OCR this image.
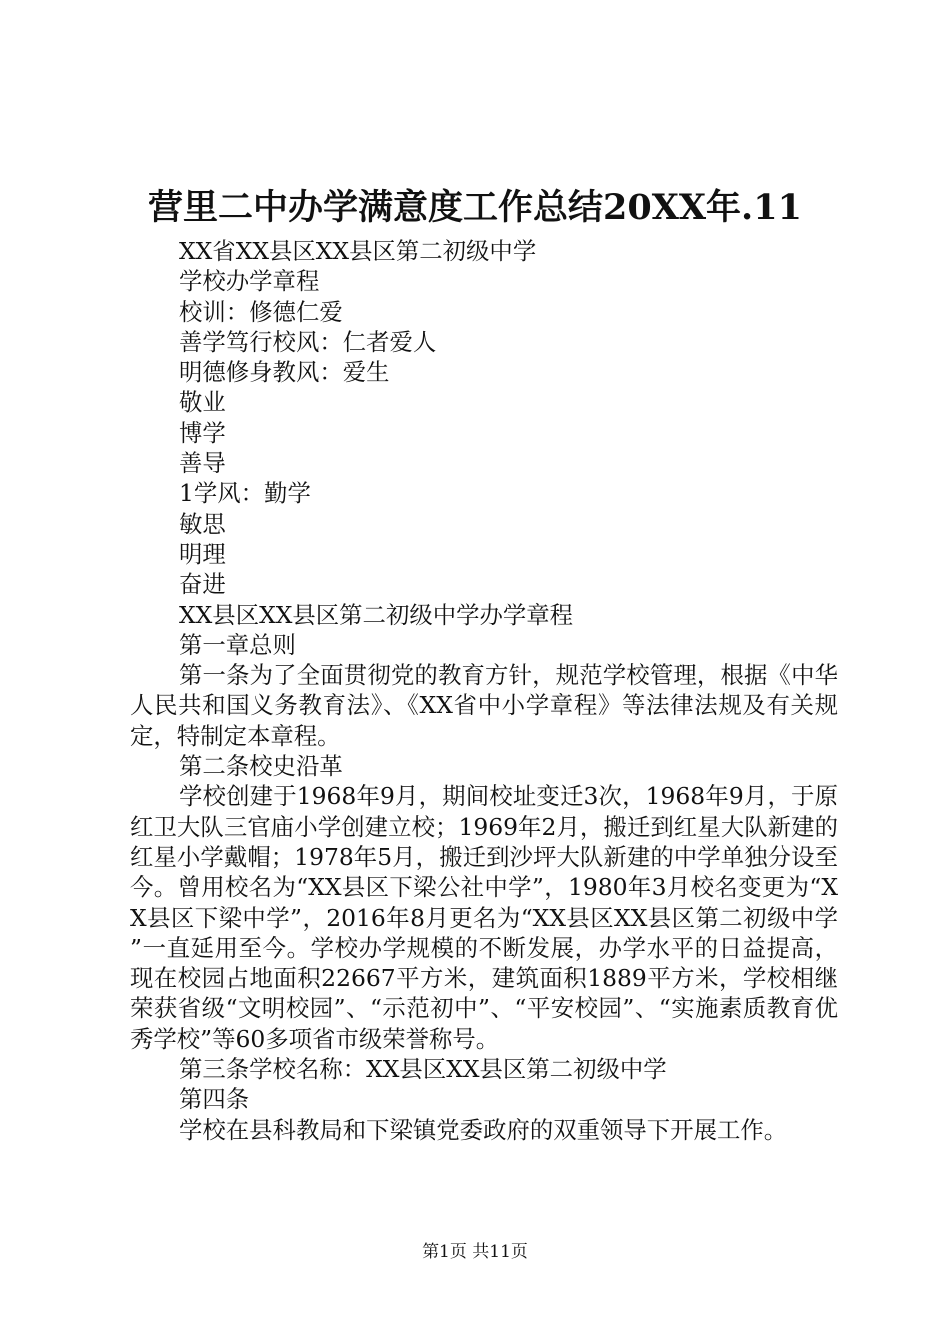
营里二中办学满意度工作总结20XX年.11
XX省XX县区XX县区第二初级中学
学校办学章程
校训：修德仁爱
善学笃行校风：仁者爱人
明德修身教风：爱生
敬业
博学
善导
1学风：勤学
敏思
明理
奋进
XX县区XX县区第二初级中学办学章程
第一章总则

第一条为了全面贯彻党的教育方针，规范学校管理，根据《中华人民共和国义务教育法》、《XX省中小学章程》等法律法规及有关规定，特制定本章程。

第二条校史沿革

学校创建于1968年9月，期间校址变迁3次，1968年9月，于原红卫大队三官庙小学创建立校；1969年2月，搬迁到红星大队新建的红星小学戴帽；1978年5月，搬迁到沙坪大队新建的中学单独分设至今。曾用校名为“XX县区下梁公社中学”，1980年3月校名变更为“XX县区下梁中学”，2016年8月更名为“XX县区XX县区第二初级中学”一直延用至今。学校办学规模的不断发展，办学水平的日益提高，现在校园占地面积22667平方米，建筑面积1889平方米，学校相继荣获省级“文明校园”、“示范初中”、“平安校园”、“实施素质教育优秀学校”等60多项省市级荣誉称号。

第三条学校名称：XX县区XX县区第二初级中学
第四条
学校在县科教局和下梁镇党委政府的双重领导下开展工作。
第1页 共11页
